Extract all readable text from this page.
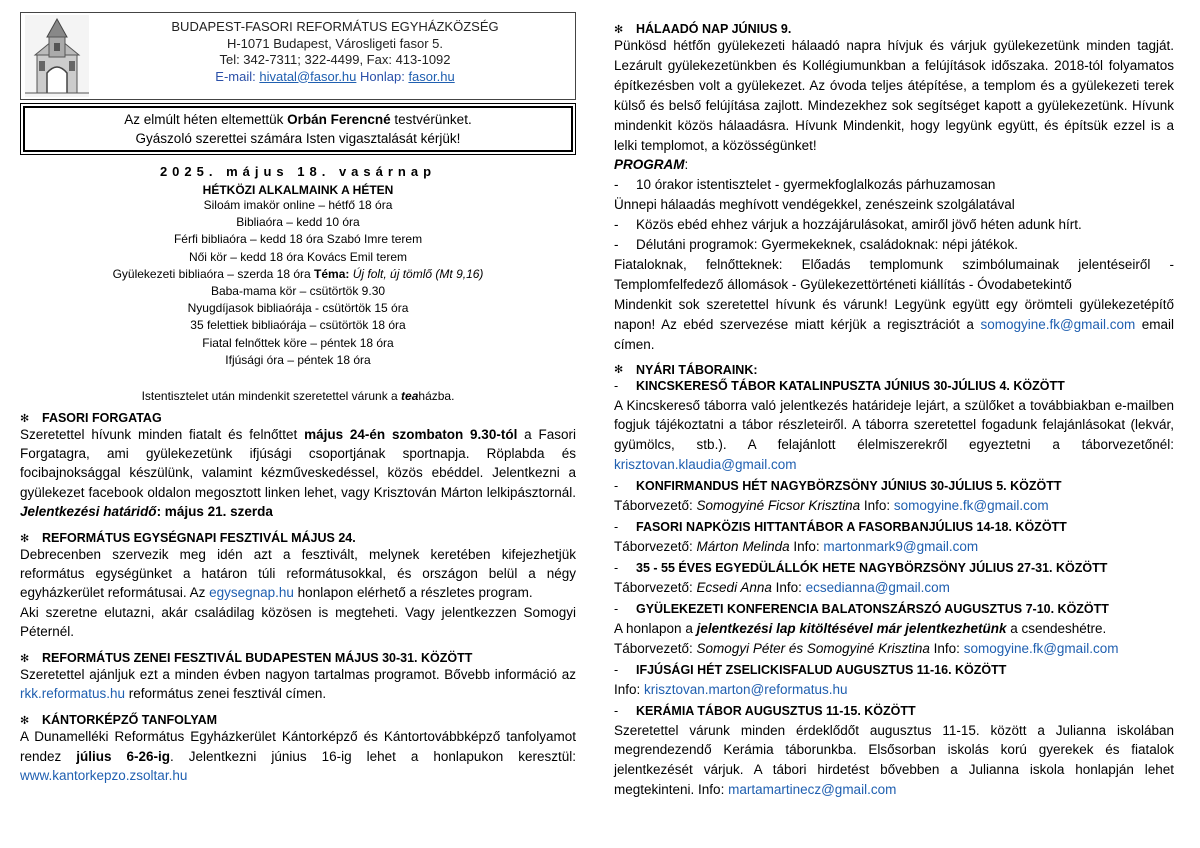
BUDAPEST-FASORI REFORMÁTUS EGYHÁZKÖZSÉG
H-1071 Budapest, Városligeti fasor 5.
Tel: 342-7311; 322-4499, Fax: 413-1092
E-mail: hivatal@fasor.hu Honlap: fasor.hu
Az elmúlt héten eltemettük Orbán Ferencné testvérünket.
Gyászoló szerettei számára Isten vigasztalását kérjük!
2025. május 18. vasárnap
HÉTKÖZI ALKALMAINK A HÉTEN
Siloám imakör online – hétfő 18 óra
Bibliaóra – kedd 10 óra
Férfi bibliaóra – kedd 18 óra Szabó Imre terem
Női kör – kedd 18 óra Kovács Emil terem
Gyülekezeti bibliaóra – szerda 18 óra Téma: Új folt, új tömlő (Mt 9,16)
Baba-mama kör – csütörtök 9.30
Nyugdíjasok bibliaórája - csütörtök 15 óra
35 felettiek bibliaórája – csütörtök 18 óra
Fiatal felnőttek köre – péntek 18 óra
Ifjúsági óra – péntek 18 óra
Istentisztelet után mindenkit szeretettel várunk a teaházba.
✻	FASORI FORGATAG
Szeretettel hívunk minden fiatalt és felnőttet május 24-én szombaton 9.30-tól a Fasori Forgatagra, ami gyülekezetünk ifjúsági csoportjának sportnapja. Röplabda és focibajnoksággal készülünk, valamint kézműveskedéssel, közös ebéddel. Jelentkezni a gyülekezet facebook oldalon megosztott linken lehet, vagy Krisztován Márton lelkipásztornál. Jelentkezési határidő: május 21. szerda
✻	REFORMÁTUS EGYSÉGNAPI FESZTIVÁL MÁJUS 24.
Debrecenben szervezik meg idén azt a fesztivált, melynek keretében kifejezhetjük református egységünket a határon túli reformátusokkal, és országon belül a négy egyházkerület reformátusai. Az egysegnap.hu honlapon elérhető a részletes program.
Aki szeretne elutazni, akár családilag közösen is megteheti. Vagy jelentkezzen Somogyi Péternél.
✻	REFORMÁTUS ZENEI FESZTIVÁL BUDAPESTEN MÁJUS 30-31. KÖZÖTT
Szeretettel ajánljuk ezt a minden évben nagyon tartalmas programot. Bővebb információ az rkk.reformatus.hu református zenei fesztivál címen.
✻	KÁNTORKÉPZŐ TANFOLYAM
A Dunamelléki Református Egyházkerület Kántorképző és Kántortovábbképző tanfolyamot rendez július 6-26-ig. Jelentkezni június 16-ig lehet a honlapukon keresztül: www.kantorkepzo.zsoltar.hu
✻	HÁLAADÓ NAP JÚNIUS 9.
Pünkösd hétfőn gyülekezeti hálaadó napra hívjuk és várjuk gyülekezetünk minden tagját. Lezárult gyülekezetünkben és Kollégiumunkban a felújítások időszaka. 2018-tól folyamatos építkezésben volt a gyülekezet. Az óvoda teljes átépítése, a templom és a gyülekezeti terek külső és belső felújítása zajlott. Mindezekhez sok segítséget kapott a gyülekezetünk. Hívunk mindenkit közös hálaadásra. Hívunk Mindenkit, hogy legyünk együtt, és építsük ezzel is a lelki templomot, a közösségünket!
PROGRAM:
-	10 órakor istentisztelet - gyermekfoglalkozás párhuzamosan
Ünnepi hálaadás meghívott vendégekkel, zenészeink szolgálatával
-	Közös ebéd ehhez várjuk a hozzájárulásokat, amiről jövő héten adunk hírt.
-	Délutáni programok: Gyermekeknek, családoknak: népi játékok.
Fiataloknak, felnőtteknek: Előadás templomunk szimbólumainak jelentéseiről - Templomfelfedező állomások - Gyülekezettörténeti kiállítás - Óvodabetekintő
Mindenkit sok szeretettel hívunk és várunk! Legyünk együtt egy örömteli gyülekezetépítő napon! Az ebéd szervezése miatt kérjük a regisztrációt a somogyine.fk@gmail.com email címen.
✻	NYÁRI TÁBORAINK:
-	KINCSKERESŐ TÁBOR KATALINPUSZTA JÚNIUS 30-JÚLIUS 4. KÖZÖTT
A Kincskereső táborra való jelentkezés határideje lejárt, a szülőket a továbbiakban e-mailben fogjuk tájékoztatni a tábor részleteiről. A táborra szeretettel fogadunk felajánlásokat (lekvár, gyümölcs, stb.). A felajánlott élelmiszerekről egyeztetni a táborvezetőnél: krisztovan.klaudia@gmail.com
-	KONFIRMANDUS HÉT NAGYBÖRZSÖNY JÚNIUS 30-JÚLIUS 5. KÖZÖTT
Táborvezető: Somogyiné Ficsor Krisztina Info: somogyine.fk@gmail.com
-	FASORI NAPKÖZIS HITTANTÁBOR A FASORBANJÚLIUS 14-18. KÖZÖTT
Táborvezető: Márton Melinda Info: martonmark9@gmail.com
-	35 - 55 ÉVES EGYEDÜLÁLLÓK HETE NAGYBÖRZSÖNY JÚLIUS 27-31. KÖZÖTT
Táborvezető: Ecsedi Anna Info: ecsedianna@gmail.com
-	GYÜLEKEZETI KONFERENCIA BALATONSZÁRSZÓ AUGUSZTUS 7-10. KÖZÖTT
A honlapon a jelentkezési lap kitöltésével már jelentkezhetünk a csendeshétre.
Táborvezető: Somogyi Péter és Somogyiné Krisztina Info: somogyine.fk@gmail.com
-	IFJÚSÁGI HÉT ZSELICKISFALUD AUGUSZTUS 11-16. KÖZÖTT
Info: krisztovan.marton@reformatus.hu
-	KERÁMIA TÁBOR AUGUSZTUS 11-15. KÖZÖTT
Szeretettel várunk minden érdeklődőt augusztus 11-15. között a Julianna iskolában megrendezendő Kerámia táborunkba. Elsősorban iskolás korú gyerekek és fiatalok jelentkezését várjuk. A tábori hirdetést bővebben a Julianna iskola honlapján lehet megtekinteni. Info: martamartinecz@gmail.com
